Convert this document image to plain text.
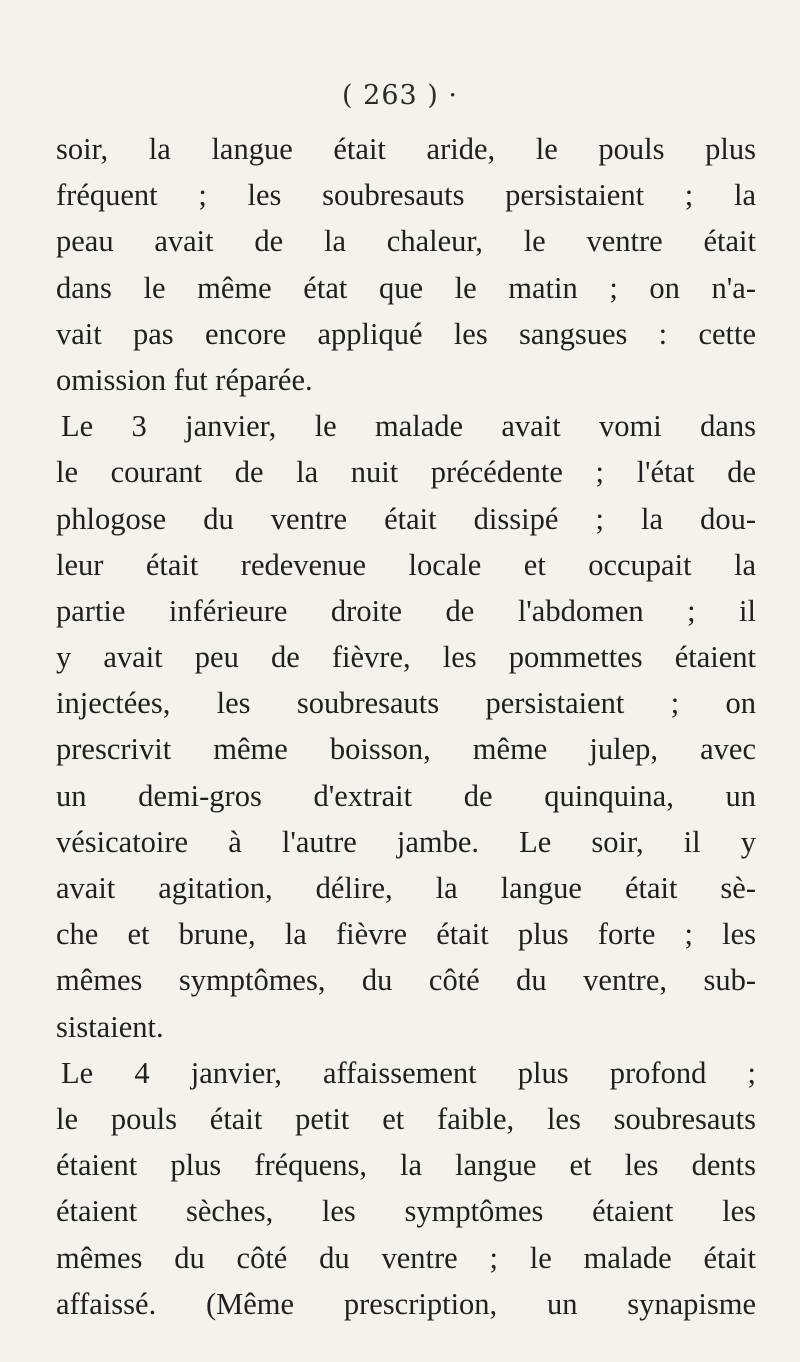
( 263 ) ·
soir, la langue était aride, le pouls plus
fréquent ; les soubresauts persistaient ; la
peau avait de la chaleur, le ventre était
dans le même état que le matin ; on n'a-
vait pas encore appliqué les sangsues : cette
omission fut réparée.
Le 3 janvier, le malade avait vomi dans
le courant de la nuit précédente ; l'état de
phlogose du ventre était dissipé ; la dou-
leur était redevenue locale et occupait la
partie inférieure droite de l'abdomen ; il
y avait peu de fièvre, les pommettes étaient
injectées, les soubresauts persistaient ; on
prescrivit même boisson, même julep, avec
un demi-gros d'extrait de quinquina, un
vésicatoire à l'autre jambe. Le soir, il y
avait agitation, délire, la langue était sè-
che et brune, la fièvre était plus forte ; les
mêmes symptômes, du côté du ventre, sub-
sistaient.
Le 4 janvier, affaissement plus profond ;
le pouls était petit et faible, les soubresauts
étaient plus fréquens, la langue et les dents
étaient sèches, les symptômes étaient les
mêmes du côté du ventre ; le malade était
affaissé. (Même prescription, un synapisme
